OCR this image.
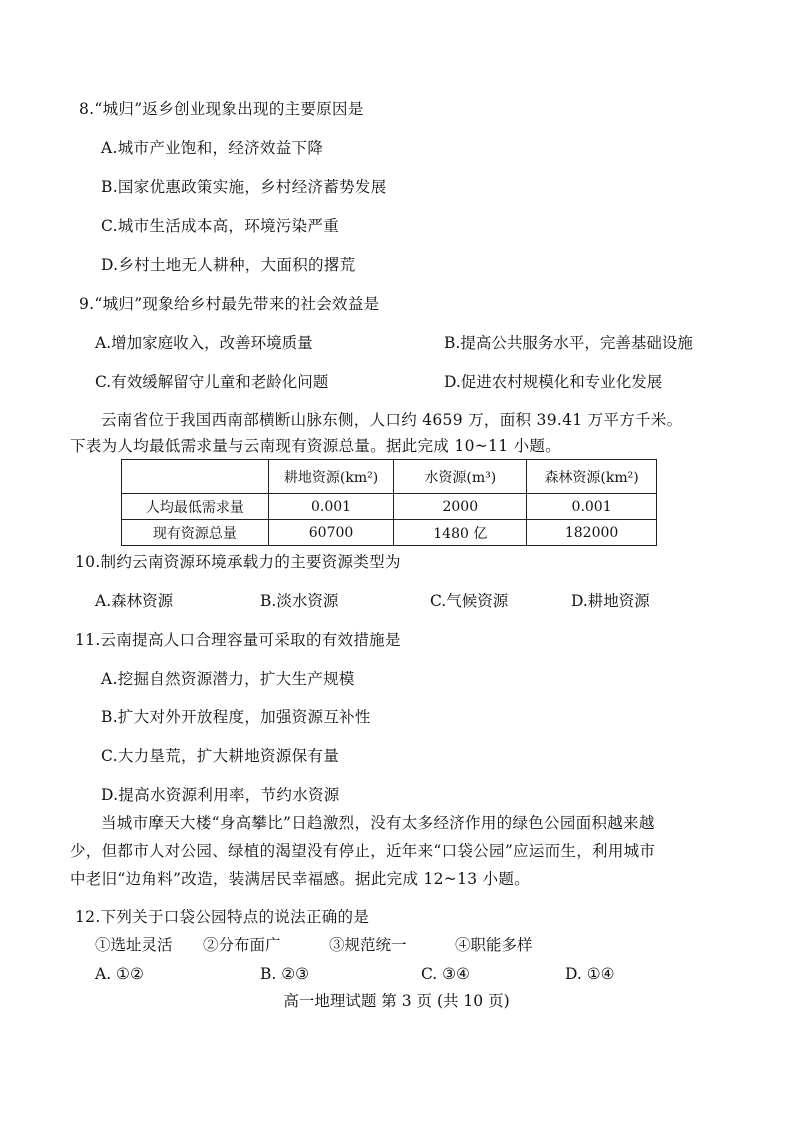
8.“城归”返乡创业现象出现的主要原因是
A.城市产业饱和，经济效益下降
B.国家优惠政策实施，乡村经济蓄势发展
C.城市生活成本高，环境污染严重
D.乡村土地无人耕种，大面积的撂荒
9.“城归”现象给乡村最先带来的社会效益是
A.增加家庭收入，改善环境质量	B.提高公共服务水平，完善基础设施
C.有效缓解留守儿童和老龄化问题	D.促进农村规模化和专业化发展
云南省位于我国西南部横断山脉东侧，人口约 4659 万，面积 39.41 万平方千米。
下表为人均最低需求量与云南现有资源总量。据此完成 10~11 小题。
	耕地资源(km²)	水资源(m³)	森林资源(km²)
人均最低需求量	0.001	2000	0.001
现有资源总量	60700	1480 亿	182000
10.制约云南资源环境承载力的主要资源类型为
A.森林资源	B.淡水资源	C.气候资源	D.耕地资源
11.云南提高人口合理容量可采取的有效措施是
A.挖掘自然资源潜力，扩大生产规模
B.扩大对外开放程度，加强资源互补性
C.大力垦荒，扩大耕地资源保有量
D.提高水资源利用率，节约水资源
当城市摩天大楼“身高攀比”日趋激烈，没有太多经济作用的绿色公园面积越来越
少，但都市人对公园、绿植的渴望没有停止，近年来“口袋公园”应运而生，利用城市
中老旧“边角料”改造，装满居民幸福感。据此完成 12~13 小题。
12.下列关于口袋公园特点的说法正确的是
①选址灵活 ②分布面广	③规范统一	④职能多样
A. ①②	B. ②③	C. ③④	D. ①④
高一地理试题 第 3 页 (共 10 页)
